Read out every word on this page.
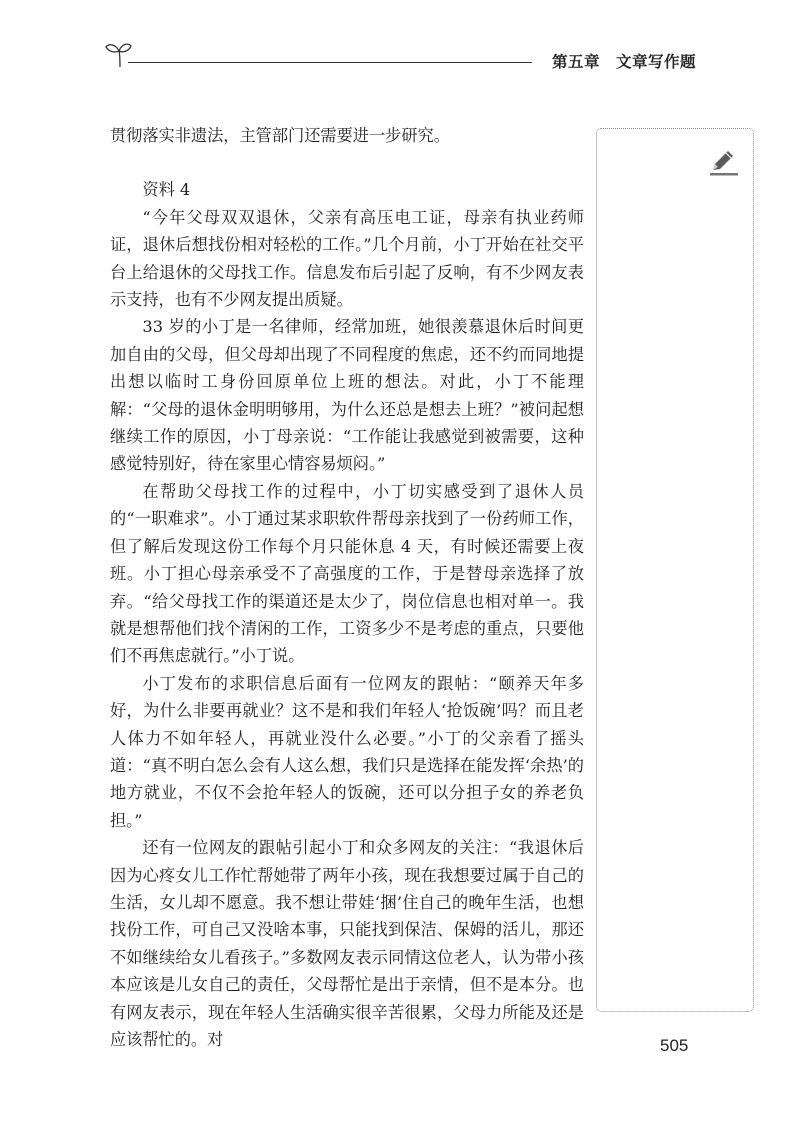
第五章 文章写作题

贯彻落实非遗法，主管部门还需要进一步研究。

资料 4

“今年父母双双退休，父亲有高压电工证，母亲有执业药师证，退休后想找份相对轻松的工作。”几个月前，小丁开始在社交平台上给退休的父母找工作。信息发布后引起了反响，有不少网友表示支持，也有不少网友提出质疑。

33 岁的小丁是一名律师，经常加班，她很羡慕退休后时间更加自由的父母，但父母却出现了不同程度的焦虑，还不约而同地提出想以临时工身份回原单位上班的想法。对此，小丁不能理解：“父母的退休金明明够用，为什么还总是想去上班？”被问起想继续工作的原因，小丁母亲说：“工作能让我感觉到被需要，这种感觉特别好，待在家里心情容易烦闷。”

在帮助父母找工作的过程中，小丁切实感受到了退休人员的“一职难求”。小丁通过某求职软件帮母亲找到了一份药师工作，但了解后发现这份工作每个月只能休息 4 天，有时候还需要上夜班。小丁担心母亲承受不了高强度的工作，于是替母亲选择了放弃。“给父母找工作的渠道还是太少了，岗位信息也相对单一。我就是想帮他们找个清闲的工作，工资多少不是考虑的重点，只要他们不再焦虑就行。”小丁说。

小丁发布的求职信息后面有一位网友的跟帖：“颐养天年多好，为什么非要再就业？这不是和我们年轻人‘抢饭碗’吗？而且老人体力不如年轻人，再就业没什么必要。”小丁的父亲看了摇头道：“真不明白怎么会有人这么想，我们只是选择在能发挥‘余热’的地方就业，不仅不会抢年轻人的饭碗，还可以分担子女的养老负担。”

还有一位网友的跟帖引起小丁和众多网友的关注：“我退休后因为心疼女儿工作忙帮她带了两年小孩，现在我想要过属于自己的生活，女儿却不愿意。我不想让带娃‘捆’住自己的晚年生活，也想找份工作，可自己又没啥本事，只能找到保洁、保姆的活儿，那还不如继续给女儿看孩子。”多数网友表示同情这位老人，认为带小孩本应该是儿女自己的责任，父母帮忙是出于亲情，但不是本分。也有网友表示，现在年轻人生活确实很辛苦很累，父母力所能及还是应该帮忙的。对	505
